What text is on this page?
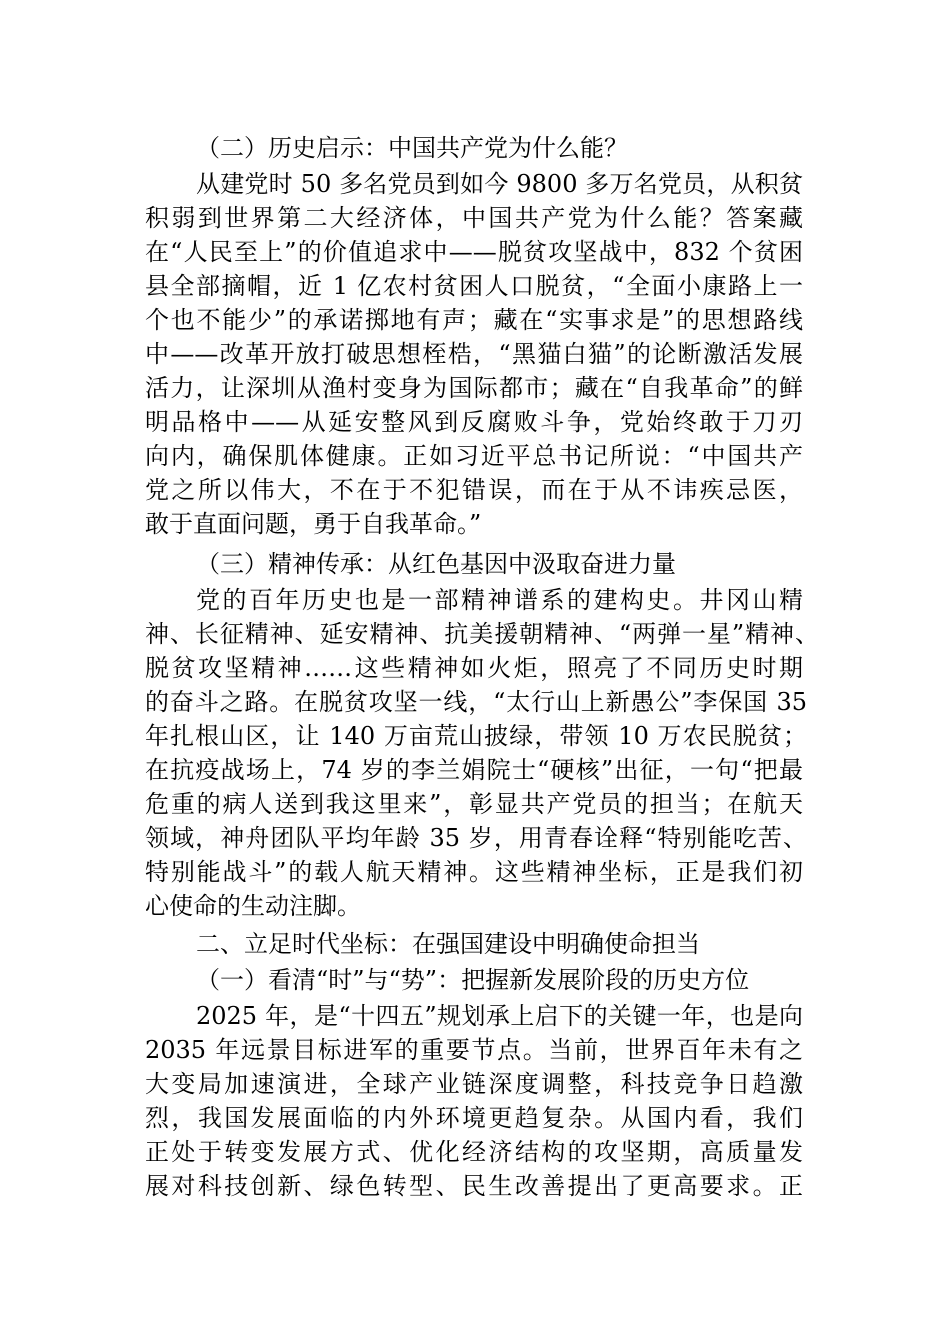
（二）历史启示：中国共产党为什么能？
从建党时 50 多名党员到如今 9800 多万名党员，从积贫
积弱到世界第二大经济体，中国共产党为什么能？答案藏
在“人民至上”的价值追求中——脱贫攻坚战中，832 个贫困
县全部摘帽，近 1 亿农村贫困人口脱贫，“全面小康路上一
个也不能少”的承诺掷地有声；藏在“实事求是”的思想路线
中——改革开放打破思想桎梏，“黑猫白猫”的论断激活发展
活力，让深圳从渔村变身为国际都市；藏在“自我革命”的鲜
明品格中——从延安整风到反腐败斗争，党始终敢于刀刃
向内，确保肌体健康。正如习近平总书记所说：“中国共产
党之所以伟大，不在于不犯错误，而在于从不讳疾忌医，
敢于直面问题，勇于自我革命。”
（三）精神传承：从红色基因中汲取奋进力量
党的百年历史也是一部精神谱系的建构史。井冈山精
神、长征精神、延安精神、抗美援朝精神、“两弹一星”精神、
脱贫攻坚精神……这些精神如火炬，照亮了不同历史时期
的奋斗之路。在脱贫攻坚一线，“太行山上新愚公”李保国 35
年扎根山区，让 140 万亩荒山披绿，带领 10 万农民脱贫；
在抗疫战场上，74 岁的李兰娟院士“硬核”出征，一句“把最
危重的病人送到我这里来”，彰显共产党员的担当；在航天
领域，神舟团队平均年龄 35 岁，用青春诠释“特别能吃苦、
特别能战斗”的载人航天精神。这些精神坐标，正是我们初
心使命的生动注脚。
二、立足时代坐标：在强国建设中明确使命担当
（一）看清“时”与“势”：把握新发展阶段的历史方位
2025 年，是“十四五”规划承上启下的关键一年，也是向
2035 年远景目标进军的重要节点。当前，世界百年未有之
大变局加速演进，全球产业链深度调整，科技竞争日趋激
烈，我国发展面临的内外环境更趋复杂。从国内看，我们
正处于转变发展方式、优化经济结构的攻坚期，高质量发
展对科技创新、绿色转型、民生改善提出了更高要求。正
